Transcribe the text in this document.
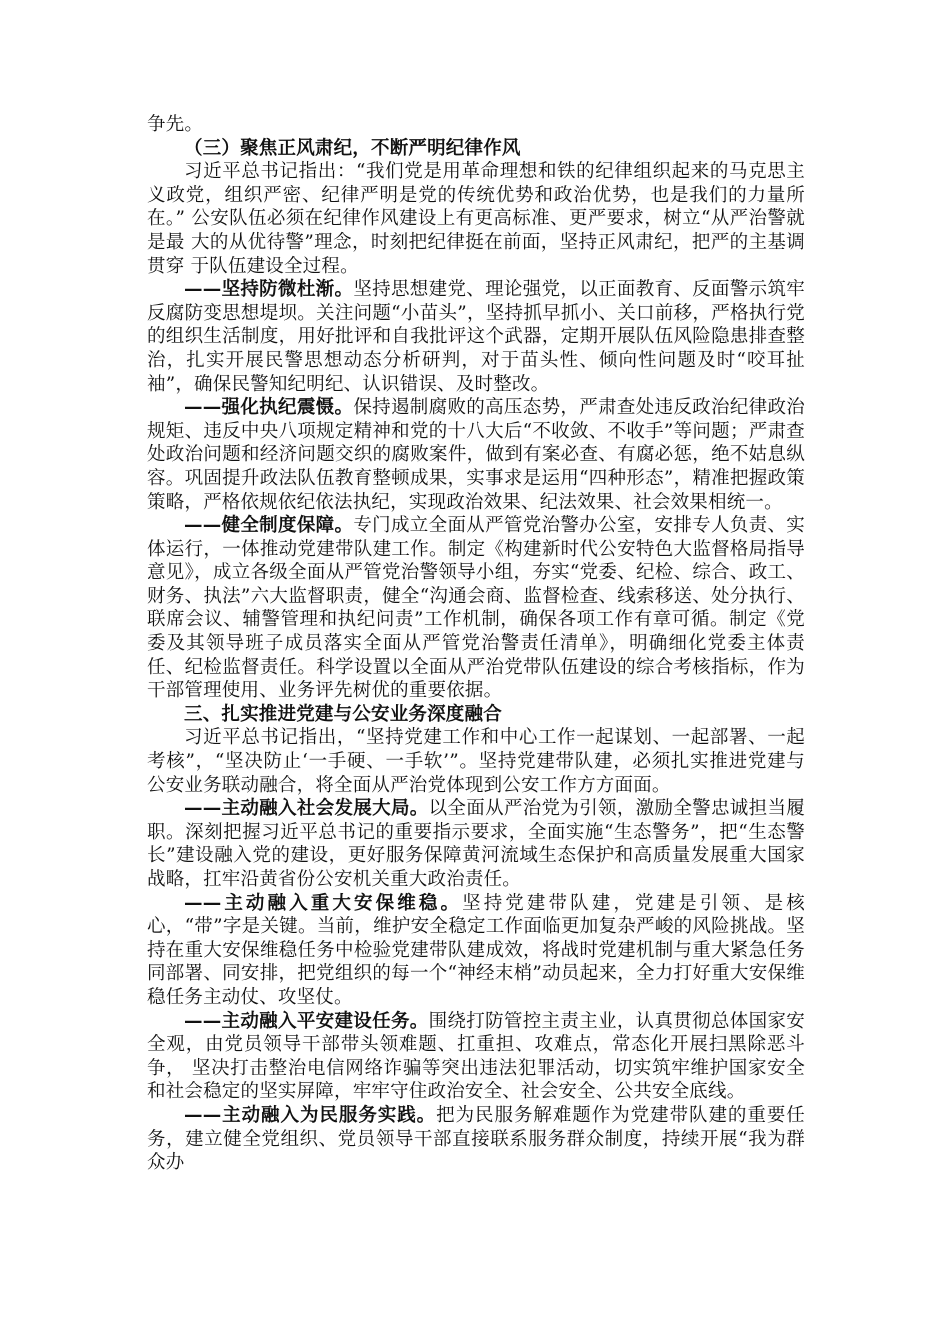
争先。

（三）聚焦正风肃纪，不断严明纪律作风

习近平总书记指出：“我们党是用革命理想和铁的纪律组织起来的马克思主 义政党，组织严密、纪律严明是党的传统优势和政治优势，也是我们的力量所在。” 公安队伍必须在纪律作风建设上有更高标准、更严要求，树立“从严治警就是最 大的从优待警”理念，时刻把纪律挺在前面，坚持正风肃纪，把严的主基调贯穿 于队伍建设全过程。

——坚持防微杜渐。坚持思想建党、理论强党，以正面教育、反面警示筑牢反腐防变思想堤坝。关注问题“小苗头”，坚持抓早抓小、关口前移，严格执行党的组织生活制度，用好批评和自我批评这个武器，定期开展队伍风险隐患排查整治，扎实开展民警思想动态分析研判，对于苗头性、倾向性问题及时“咬耳扯袖”，确保民警知纪明纪、认识错误、及时整改。

——强化执纪震慑。保持遏制腐败的高压态势，严肃查处违反政治纪律政治规矩、违反中央八项规定精神和党的十八大后“不收敛、不收手”等问题；严肃查处政治问题和经济问题交织的腐败案件，做到有案必查、有腐必惩，绝不姑息纵容。巩固提升政法队伍教育整顿成果，实事求是运用“四种形态”，精准把握政策策略，严格依规依纪依法执纪，实现政治效果、纪法效果、社会效果相统一。

——健全制度保障。专门成立全面从严管党治警办公室，安排专人负责、实体运行，一体推动党建带队建工作。制定《构建新时代公安特色大监督格局指导意见》，成立各级全面从严管党治警领导小组，夯实“党委、纪检、综合、政工、财务、执法”六大监督职责，健全“沟通会商、监督检查、线索移送、处分执行、联席会议、辅警管理和执纪问责”工作机制，确保各项工作有章可循。制定《党委及其领导班子成员落实全面从严管党治警责任清单》，明确细化党委主体责任、纪检监督责任。科学设置以全面从严治党带队伍建设的综合考核指标，作为干部管理使用、业务评先树优的重要依据。

三、扎实推进党建与公安业务深度融合

习近平总书记指出，“坚持党建工作和中心工作一起谋划、一起部署、一起考核”，“坚决防止‘一手硬、一手软’”。坚持党建带队建，必须扎实推进党建与公安业务联动融合，将全面从严治党体现到公安工作方方面面。

——主动融入社会发展大局。以全面从严治党为引领，激励全警忠诚担当履职。深刻把握习近平总书记的重要指示要求，全面实施“生态警务”，把“生态警长”建设融入党的建设，更好服务保障黄河流域生态保护和高质量发展重大国家战略，扛牢沿黄省份公安机关重大政治责任。

——主动融入重大安保维稳。坚持党建带队建，党建是引领、是核心，“带”字是关键。当前，维护安全稳定工作面临更加复杂严峻的风险挑战。坚持在重大安保维稳任务中检验党建带队建成效，将战时党建机制与重大紧急任务同部署、同安排，把党组织的每一个“神经末梢”动员起来，全力打好重大安保维稳任务主动仗、攻坚仗。

——主动融入平安建设任务。围绕打防管控主责主业，认真贯彻总体国家安全观，由党员领导干部带头领难题、扛重担、攻难点，常态化开展扫黑除恶斗争， 坚决打击整治电信网络诈骗等突出违法犯罪活动，切实筑牢维护国家安全和社会稳定的坚实屏障，牢牢守住政治安全、社会安全、公共安全底线。

——主动融入为民服务实践。把为民服务解难题作为党建带队建的重要任务，建立健全党组织、党员领导干部直接联系服务群众制度，持续开展“我为群众办
